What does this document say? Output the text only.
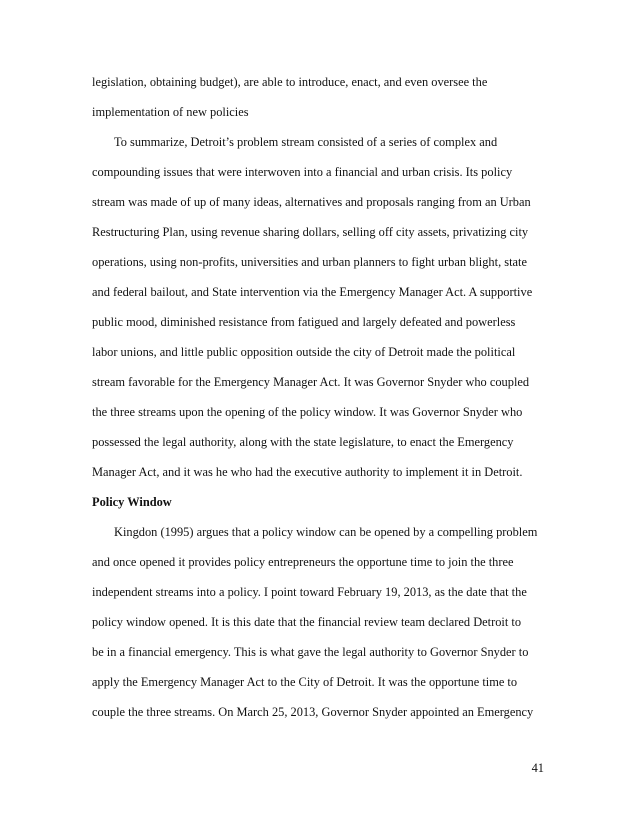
legislation, obtaining budget), are able to introduce, enact, and even oversee the
implementation of new policies
To summarize, Detroit’s problem stream consisted of a series of complex and
compounding issues that were interwoven into a financial and urban crisis. Its policy
stream was made of up of many ideas, alternatives and proposals ranging from an Urban
Restructuring Plan, using revenue sharing dollars, selling off city assets, privatizing city
operations, using non-profits, universities and urban planners to fight urban blight, state
and federal bailout, and State intervention via the Emergency Manager Act. A supportive
public mood, diminished resistance from fatigued and largely defeated and powerless
labor unions, and little public opposition outside the city of Detroit made the political
stream favorable for the Emergency Manager Act. It was Governor Snyder who coupled
the three streams upon the opening of the policy window. It was Governor Snyder who
possessed the legal authority, along with the state legislature, to enact the Emergency
Manager Act, and it was he who had the executive authority to implement it in Detroit.
Policy Window
Kingdon (1995) argues that a policy window can be opened by a compelling problem
and once opened it provides policy entrepreneurs the opportune time to join the three
independent streams into a policy. I point toward February 19, 2013, as the date that the
policy window opened. It is this date that the financial review team declared Detroit to
be in a financial emergency. This is what gave the legal authority to Governor Snyder to
apply the Emergency Manager Act to the City of Detroit. It was the opportune time to
couple the three streams. On March 25, 2013, Governor Snyder appointed an Emergency
41
